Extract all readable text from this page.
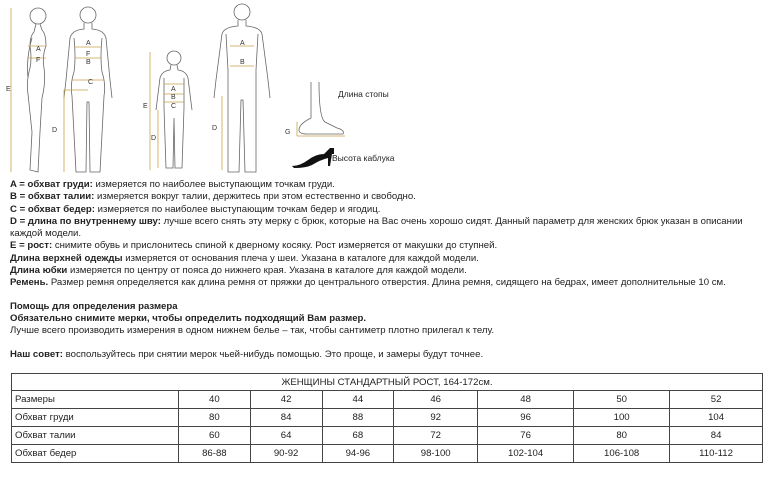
E
A
F
A
F
B
C
D
E
A
B
C
D
A
B
D
G
Длина стопы
Высота каблука

A = обхват груди: измеряется по наиболее выступающим точкам груди.

B = обхват талии: измеряется вокруг талии, держитесь при этом естественно и свободно.

C = обхват бедер: измеряется по наиболее выступающим точкам бедер и ягодиц.

D = длина по внутреннему шву: лучше всего снять эту мерку с брюк, которые на Вас очень хорошо сидят. Данный параметр для женских брюк указан в описании каждой модели.

E = рост: снимите обувь и прислонитесь спиной к дверному косяку. Рост измеряется от макушки до ступней.

Длина верхней одежды измеряется от основания плеча у шеи. Указана в каталоге для каждой модели.

Длина юбки измеряется по центру от пояса до нижнего края. Указана в каталоге для каждой модели.

Ремень. Размер ремня определяется как длина ремня от пряжки до центрального отверстия. Длина ремня, сидящего на бедрах, имеет дополнительные 10 см.

Помощь для определения размера

Обязательно снимите мерки, чтобы определить подходящий Вам размер.

Лучше всего производить измерения в одном нижнем белье – так, чтобы сантиметр плотно прилегал к телу.

Наш совет: воспользуйтесь при снятии мерок чьей-нибудь помощью. Это проще, и замеры будут точнее.

ЖЕНЩИНЫ СТАНДАРТНЫЙ РОСТ, 164-172см.							
Размеры	40	42	44	46	48	50	52
Обхват груди	80	84	88	92	96	100	104
Обхват талии	60	64	68	72	76	80	84
Обхват бедер	86-88	90-92	94-96	98-100	102-104	106-108	110-112
